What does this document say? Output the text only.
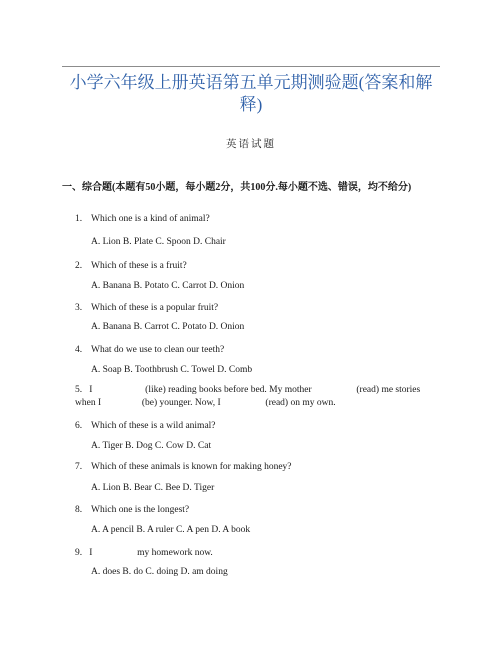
小学六年级上册英语第五单元期测验题(答案和解释)
英语试题
一、综合题(本题有50小题，每小题2分，共100分.每小题不选、错误，均不给分)
1. Which one is a kind of animal?
A. Lion B. Plate C. Spoon D. Chair
2. Which of these is a fruit?
A. Banana B. Potato C. Carrot D. Onion
3. Which of these is a popular fruit?
A. Banana B. Carrot C. Potato D. Onion
4. What do we use to clean our teeth?
A. Soap B. Toothbrush C. Towel D. Comb
5. I	(like) reading books before bed. My mother	(read) me stories
when I	(be) younger. Now, I	(read) on my own.
6. Which of these is a wild animal?
A. Tiger B. Dog C. Cow D. Cat
7. Which of these animals is known for making honey?
A. Lion B. Bear C. Bee D. Tiger
8. Which one is the longest?
A. A pencil B. A ruler C. A pen D. A book
9. I	my homework now.
A. does B. do C. doing D. am doing
